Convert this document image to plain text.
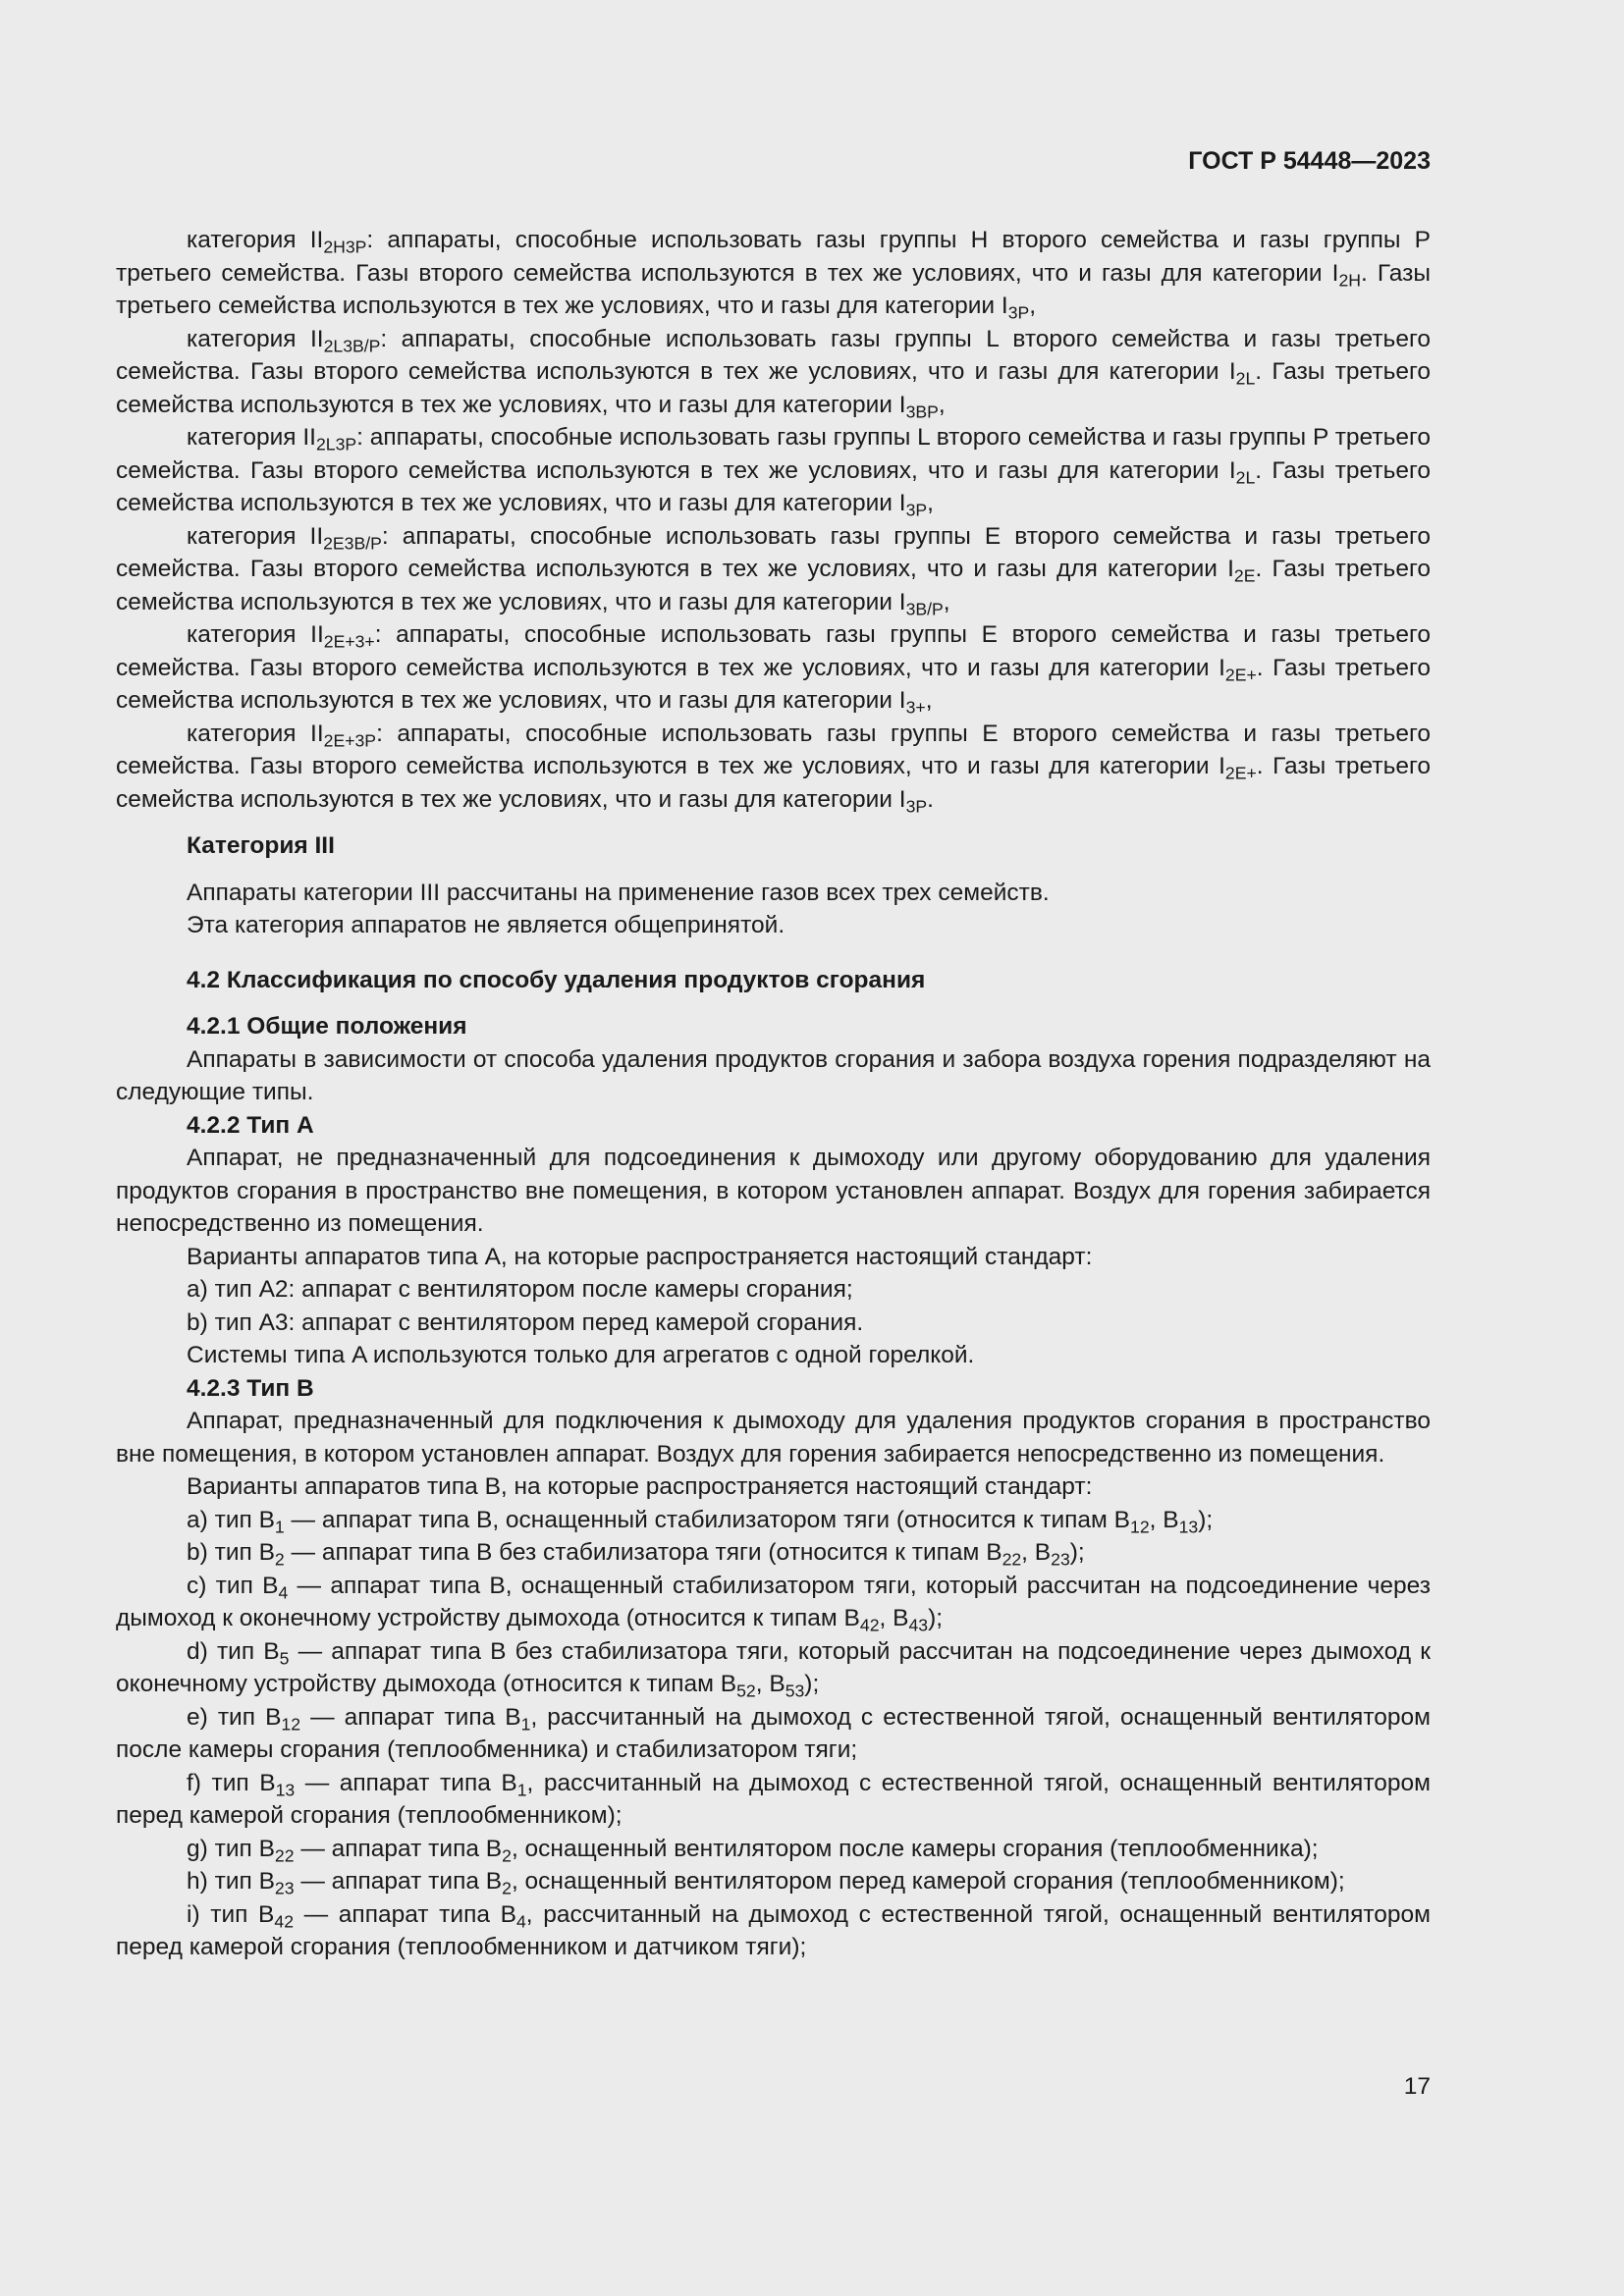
ГОСТ Р 54448—2023

категория $II_{2H3P}$: аппараты, способные использовать газы группы H второго семейства и газы группы P третьего семейства. Газы второго семейства используются в тех же условиях, что и газы для категории $I_{2H}$. Газы третьего семейства используются в тех же условиях, что и газы для категории $I_{3P}$,

категория $II_{2L3B/P}$: аппараты, способные использовать газы группы L второго семейства и газы третьего семейства. Газы второго семейства используются в тех же условиях, что и газы для категории $I_{2L}$. Газы третьего семейства используются в тех же условиях, что и газы для категории $I_{3BP}$,

категория $II_{2L3P}$: аппараты, способные использовать газы группы L второго семейства и газы группы P третьего семейства. Газы второго семейства используются в тех же условиях, что и газы для категории $I_{2L}$. Газы третьего семейства используются в тех же условиях, что и газы для категории $I_{3P}$,

категория $II_{2E3B/P}$: аппараты, способные использовать газы группы E второго семейства и газы третьего семейства. Газы второго семейства используются в тех же условиях, что и газы для категории $I_{2E}$. Газы третьего семейства используются в тех же условиях, что и газы для категории $I_{3B/P}$,

категория $II_{2E+3+}$: аппараты, способные использовать газы группы E второго семейства и газы третьего семейства. Газы второго семейства используются в тех же условиях, что и газы для категории $I_{2E+}$. Газы третьего семейства используются в тех же условиях, что и газы для категории $I_{3+}$,

категория $II_{2E+3P}$: аппараты, способные использовать газы группы E второго семейства и газы третьего семейства. Газы второго семейства используются в тех же условиях, что и газы для категории $I_{2E+}$. Газы третьего семейства используются в тех же условиях, что и газы для категории $I_{3P}$.

Категория III

Аппараты категории III рассчитаны на применение газов всех трех семейств.

Эта категория аппаратов не является общепринятой.

4.2 Классификация по способу удаления продуктов сгорания
4.2.1 Общие положения

Аппараты в зависимости от способа удаления продуктов сгорания и забора воздуха горения подразделяют на следующие типы.

4.2.2 Тип A

Аппарат, не предназначенный для подсоединения к дымоходу или другому оборудованию для удаления продуктов сгорания в пространство вне помещения, в котором установлен аппарат. Воздух для горения забирается непосредственно из помещения.

Варианты аппаратов типа A, на которые распространяется настоящий стандарт:

a) тип A2: аппарат с вентилятором после камеры сгорания;

b) тип A3: аппарат с вентилятором перед камерой сгорания.

Системы типа A используются только для агрегатов с одной горелкой.

4.2.3 Тип B

Аппарат, предназначенный для подключения к дымоходу для удаления продуктов сгорания в пространство вне помещения, в котором установлен аппарат. Воздух для горения забирается непосредственно из помещения.

Варианты аппаратов типа B, на которые распространяется настоящий стандарт:

a) тип $B_1$ — аппарат типа B, оснащенный стабилизатором тяги (относится к типам $B_{12}$, $B_{13}$);

b) тип $B_2$ — аппарат типа B без стабилизатора тяги (относится к типам $B_{22}$, $B_{23}$);

c) тип $B_4$ — аппарат типа B, оснащенный стабилизатором тяги, который рассчитан на подсоединение через дымоход к оконечному устройству дымохода (относится к типам $B_{42}$, $B_{43}$);

d) тип $B_5$ — аппарат типа B без стабилизатора тяги, который рассчитан на подсоединение через дымоход к оконечному устройству дымохода (относится к типам $B_{52}$, $B_{53}$);

e) тип $B_{12}$ — аппарат типа $B_1$, рассчитанный на дымоход с естественной тягой, оснащенный вентилятором после камеры сгорания (теплообменника) и стабилизатором тяги;

f) тип $B_{13}$ — аппарат типа $B_1$, рассчитанный на дымоход с естественной тягой, оснащенный вентилятором перед камерой сгорания (теплообменником);

g) тип $B_{22}$ — аппарат типа $B_2$, оснащенный вентилятором после камеры сгорания (теплообменника);

h) тип $B_{23}$ — аппарат типа $B_2$, оснащенный вентилятором перед камерой сгорания (теплообменником);

i) тип $B_{42}$ — аппарат типа $B_4$, рассчитанный на дымоход с естественной тягой, оснащенный вентилятором перед камерой сгорания (теплообменником и датчиком тяги);

17
